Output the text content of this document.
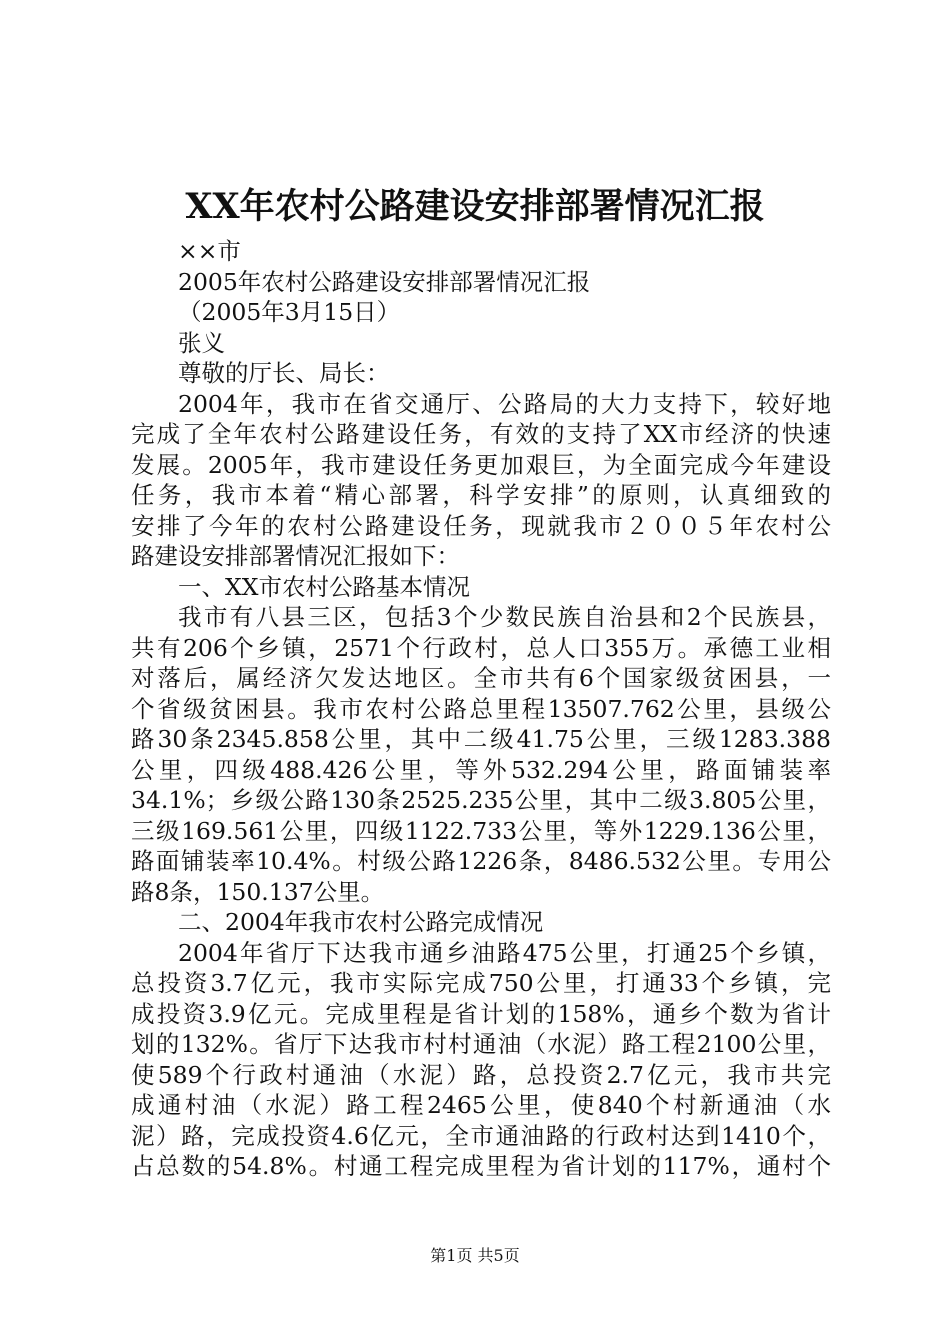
XX年农村公路建设安排部署情况汇报
××市
2005年农村公路建设安排部署情况汇报
（2005年3月15日）
张义
尊敬的厅长、局长：
2004年，我市在省交通厅、公路局的大力支持下，较好地
完成了全年农村公路建设任务，有效的支持了XX市经济的快速
发展。2005年，我市建设任务更加艰巨，为全面完成今年建设
任务，我市本着“精心部署，科学安排”的原则，认真细致的
安排了今年的农村公路建设任务，现就我市２００５年农村公
路建设安排部署情况汇报如下：
一、XX市农村公路基本情况
我市有八县三区，包括3个少数民族自治县和2个民族县，
共有206个乡镇，2571个行政村，总人口355万。承德工业相
对落后，属经济欠发达地区。全市共有6个国家级贫困县，一
个省级贫困县。我市农村公路总里程13507.762公里，县级公
路30条2345.858公里，其中二级41.75公里，三级1283.388
公里，四级488.426公里，等外532.294公里，路面铺装率
34.1%；乡级公路130条2525.235公里，其中二级3.805公里，
三级169.561公里，四级1122.733公里，等外1229.136公里，
路面铺装率10.4%。村级公路1226条，8486.532公里。专用公
路8条，150.137公里。
二、2004年我市农村公路完成情况
2004年省厅下达我市通乡油路475公里，打通25个乡镇，
总投资3.7亿元，我市实际完成750公里，打通33个乡镇，完
成投资3.9亿元。完成里程是省计划的158%，通乡个数为省计
划的132%。省厅下达我市村村通油（水泥）路工程2100公里，
使589个行政村通油（水泥）路，总投资2.7亿元，我市共完
成通村油（水泥）路工程2465公里，使840个村新通油（水
泥）路，完成投资4.6亿元，全市通油路的行政村达到1410个，
占总数的54.8%。村通工程完成里程为省计划的117%，通村个
第1页 共5页
